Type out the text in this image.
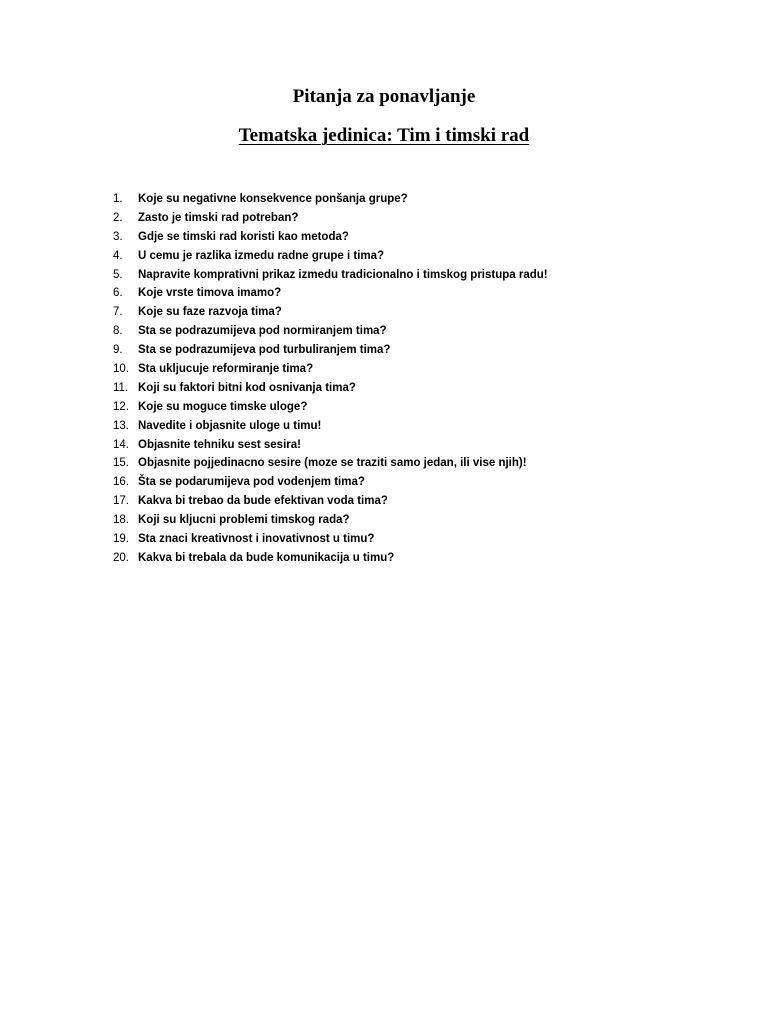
Pitanja za ponavljanje
Tematska jedinica: Tim i timski rad
1.	Koje su negativne konsekvence ponšanja grupe?
2.	Zasto je timski rad potreban?
3.	Gdje se timski rad koristi kao metoda?
4.	U cemu je razlika izmedu radne grupe i tima?
5.	Napravite komprativni prikaz izmedu tradicionalno i timskog pristupa radu!
6.	Koje vrste timova imamo?
7.	Koje su faze razvoja tima?
8.	Sta se podrazumijeva pod normiranjem tima?
9.	Sta se podrazumijeva pod turbuliranjem tima?
10. Sta ukljucuje reformiranje tima?
11. Koji su faktori bitni kod osnivanja tima?
12. Koje su moguce timske uloge?
13. Navedite i objasnite uloge u timu!
14. Objasnite tehniku sest sesira!
15. Objasnite pojjedinacno sesire (moze se traziti samo jedan, ili vise njih)!
16. Šta se podarumijeva pod vodenjem tima?
17. Kakva bi trebao da bude efektivan voda tima?
18. Koji su kljucni problemi timskog rada?
19. Sta znaci kreativnost i inovativnost u timu?
20. Kakva bi trebala da bude komunikacija u timu?
